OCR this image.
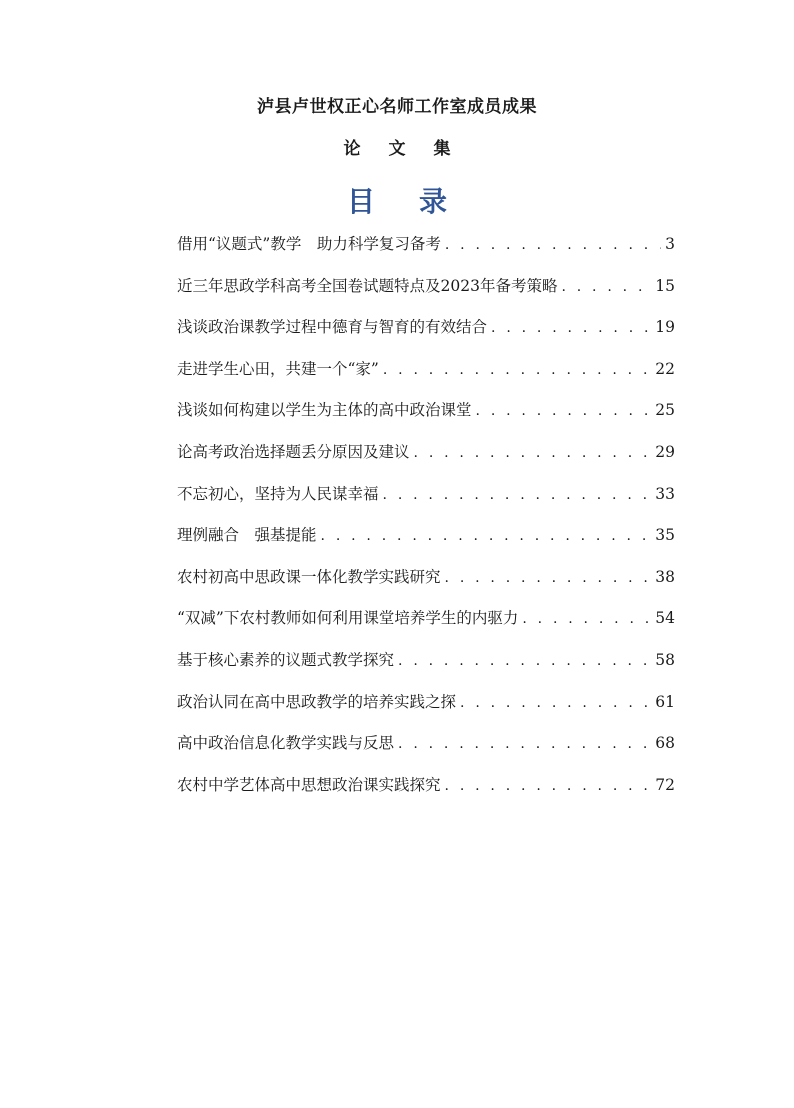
泸县卢世权正心名师工作室成员成果
论文集
目录
借用“议题式”教学　助力科学复习备考 . . .	3
近三年思政学科高考全国卷试题特点及2023年备考策略 . . .	15
浅谈政治课教学过程中德育与智育的有效结合 . . .	19
走进学生心田，共建一个“家” . . .	22
浅谈如何构建以学生为主体的高中政治课堂 . . .	25
论高考政治选择题丢分原因及建议 . . .	29
不忘初心，坚持为人民谋幸福 . . .	33
理例融合　强基提能 . . .	35
农村初高中思政课一体化教学实践研究 . . .	38
“双减”下农村教师如何利用课堂培养学生的内驱力 . . .	54
基于核心素养的议题式教学探究 . . .	58
政治认同在高中思政教学的培养实践之探 . . .	61
高中政治信息化教学实践与反思 . . .	68
农村中学艺体高中思想政治课实践探究 . . .	72
